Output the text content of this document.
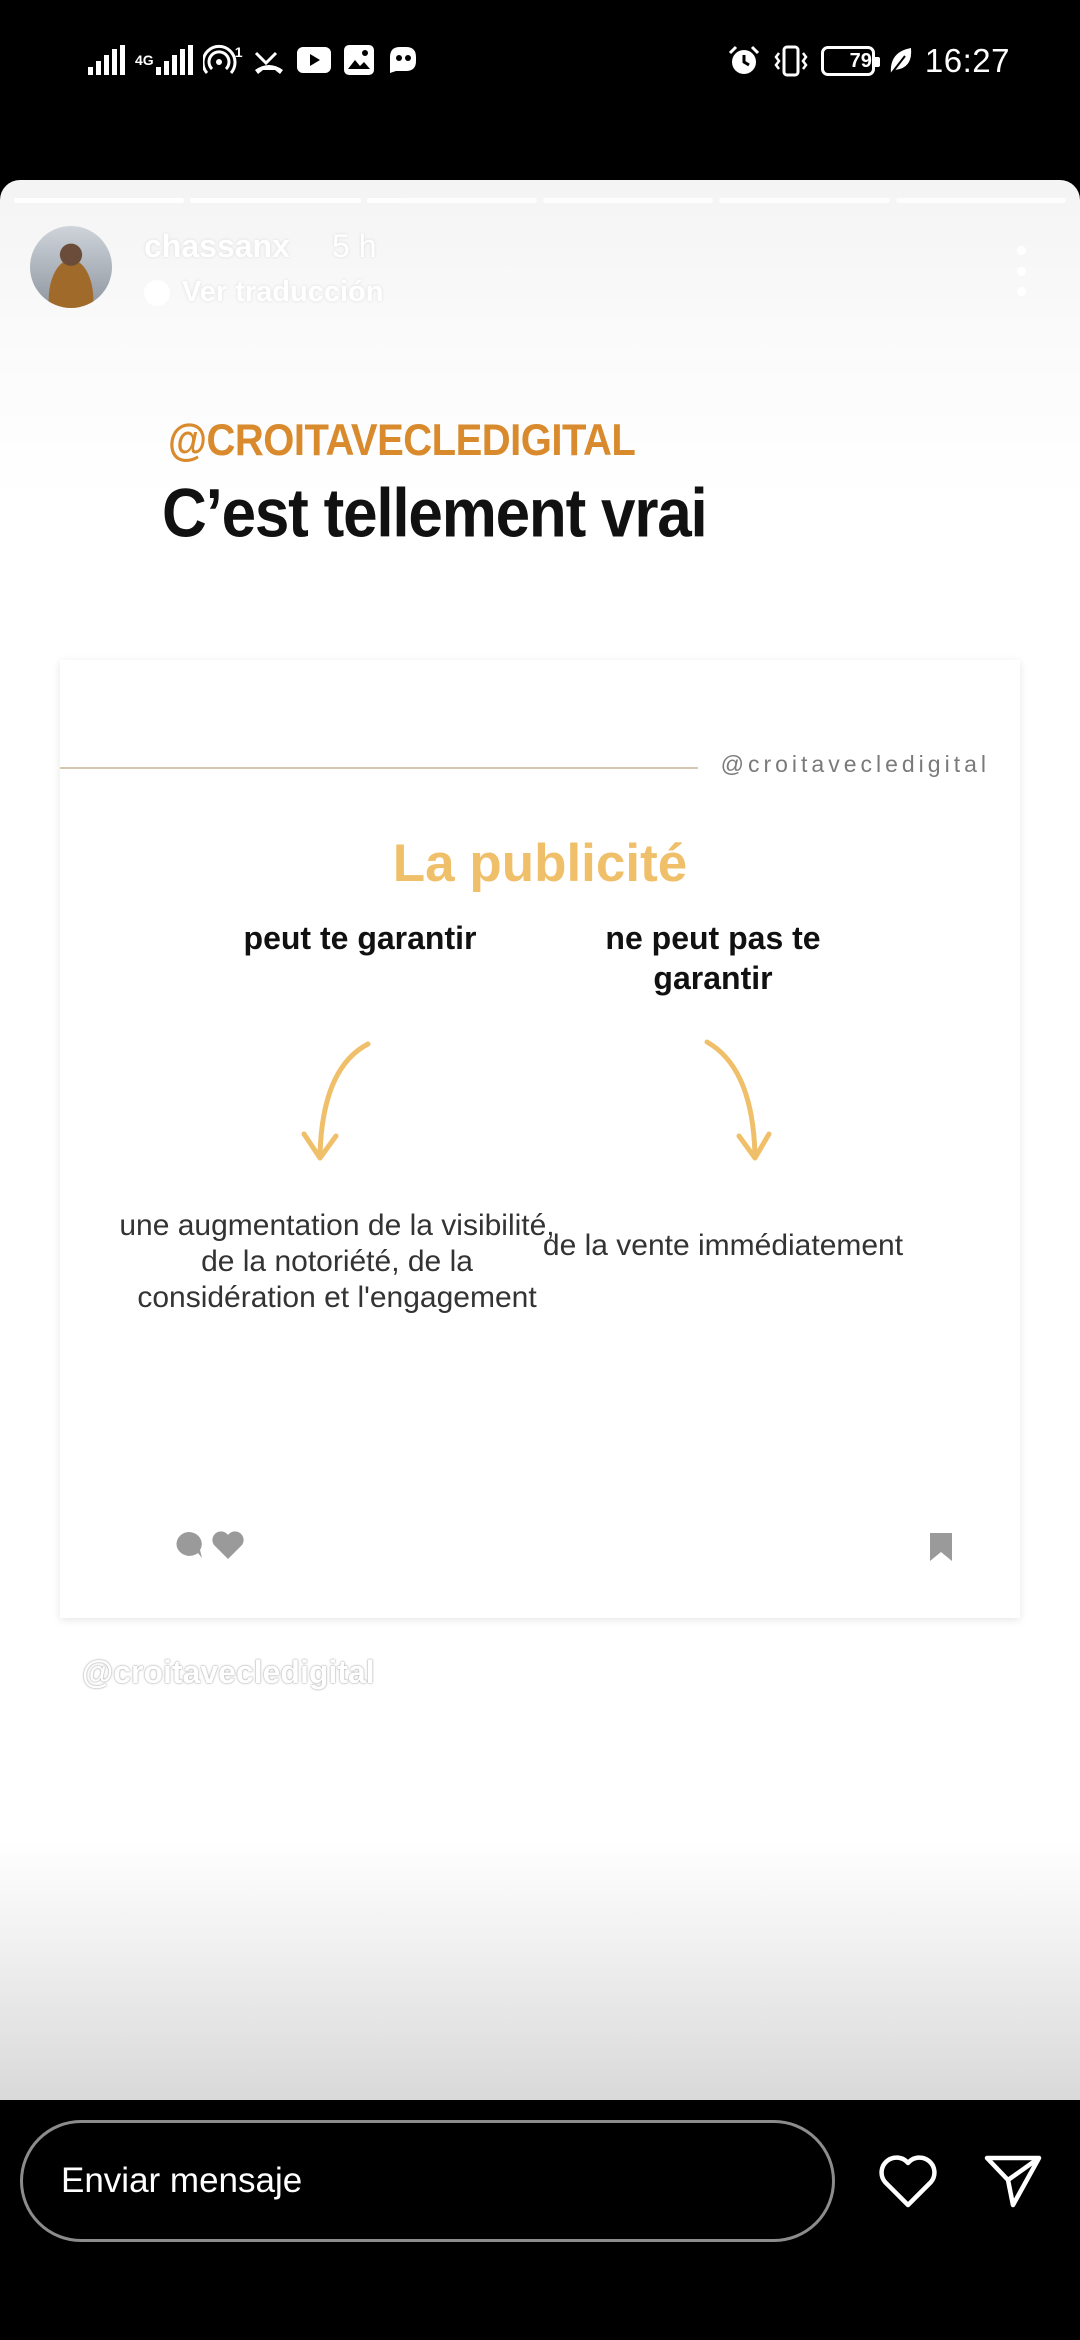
4G	1	79 16:27
chassanx 5 h
Ver traducción
@CROITAVECLEDIGITAL
C’est tellement vrai
@croitavecledigital
La publicité
peut te garantir	ne peut pas te garantir
une augmentation de la visibilité, de la notoriété, de la considération et l'engagement
de la vente immédiatement
@croitavecledigital
Enviar mensaje
